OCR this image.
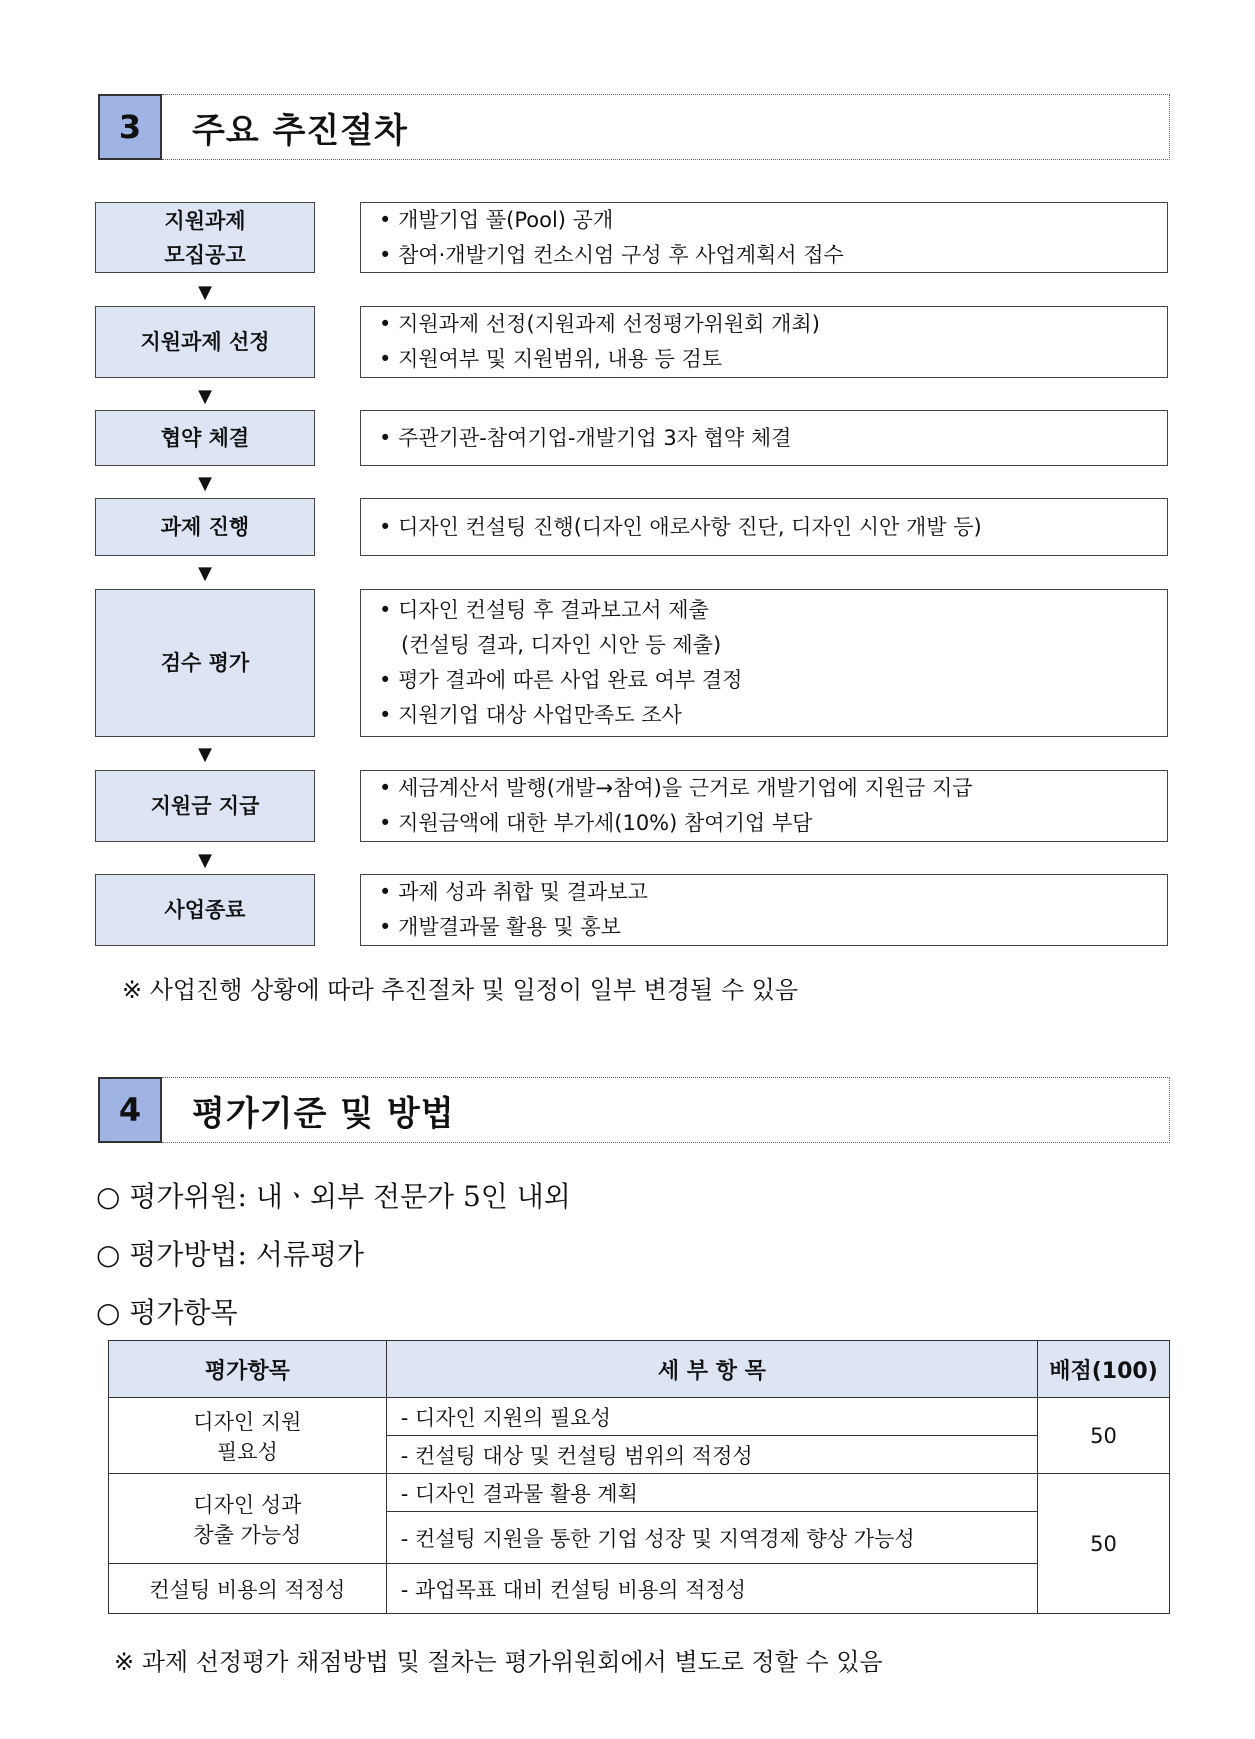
3	주요 추진절차
지원과제
모집공고
• 개발기업 풀(Pool) 공개
• 참여·개발기업 컨소시엄 구성 후 사업계획서 접수
▼
지원과제 선정
• 지원과제 선정(지원과제 선정평가위원회 개최)
• 지원여부 및 지원범위, 내용 등 검토
▼
협약 체결	• 주관기관-참여기업-개발기업 3자 협약 체결
▼
과제 진행	• 디자인 컨설팅 진행(디자인 애로사항 진단, 디자인 시안 개발 등)
▼
검수 평가
• 디자인 컨설팅 후 결과보고서 제출
(컨설팅 결과, 디자인 시안 등 제출)
• 평가 결과에 따른 사업 완료 여부 결정
• 지원기업 대상 사업만족도 조사
▼
지원금 지급
• 세금계산서 발행(개발→참여)을 근거로 개발기업에 지원금 지급
• 지원금액에 대한 부가세(10%) 참여기업 부담
▼
사업종료
• 과제 성과 취합 및 결과보고
• 개발결과물 활용 및 홍보
※ 사업진행 상황에 따라 추진절차 및 일정이 일부 변경될 수 있음
4	평가기준 및 방법
○ 평가위원: 내ㆍ외부 전문가 5인 내외
○ 평가방법: 서류평가
○ 평가항목
평가항목	세 부 항 목	배점(100)

디자인 지원
필요성	- 디자인 지원의 필요성	50
	- 컨설팅 대상 및 컨설팅 범위의 적정성	

디자인 성과
창출 가능성	- 디자인 결과물 활용 계획	50
	- 컨설팅 지원을 통한 기업 성장 및 지역경제 향상 가능성	
컨설팅 비용의 적정성	- 과업목표 대비 컨설팅 비용의 적정성	
※ 과제 선정평가 채점방법 및 절차는 평가위원회에서 별도로 정할 수 있음
